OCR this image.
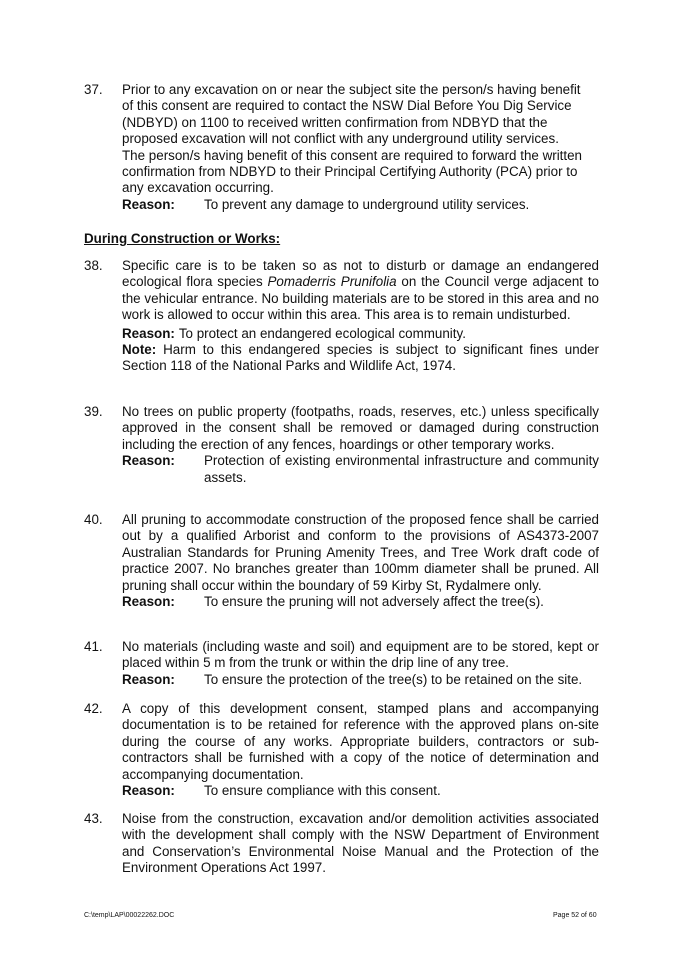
37.	Prior to any excavation on or near the subject site the person/s having benefit
of this consent are required to contact the NSW Dial Before You Dig Service
(NDBYD) on 1100 to received written confirmation from NDBYD that the
proposed excavation will not conflict with any underground utility services.
The person/s having benefit of this consent are required to forward the written
confirmation from NDBYD to their Principal Certifying Authority (PCA) prior to
any excavation occurring.
Reason:	To prevent any damage to underground utility services.
During Construction or Works:
38.	Specific care is to be taken so as not to disturb or damage an endangered ecological flora species Pomaderris Prunifolia on the Council verge adjacent to the vehicular entrance. No building materials are to be stored in this area and no work is allowed to occur within this area. This area is to remain undisturbed.
Reason: To protect an endangered ecological community.
Note: Harm to this endangered species is subject to significant fines under Section 118 of the National Parks and Wildlife Act, 1974.
39.	No trees on public property (footpaths, roads, reserves, etc.) unless specifically approved in the consent shall be removed or damaged during construction including the erection of any fences, hoardings or other temporary works.
Reason:	Protection of existing environmental infrastructure and community assets.
40.	All pruning to accommodate construction of the proposed fence shall be carried out by a qualified Arborist and conform to the provisions of AS4373-2007 Australian Standards for Pruning Amenity Trees, and Tree Work draft code of practice 2007. No branches greater than 100mm diameter shall be pruned. All pruning shall occur within the boundary of 59 Kirby St, Rydalmere only.
Reason:	To ensure the pruning will not adversely affect the tree(s).
41.	No materials (including waste and soil) and equipment are to be stored, kept or placed within 5 m from the trunk or within the drip line of any tree.
Reason:	To ensure the protection of the tree(s) to be retained on the site.
42.	A copy of this development consent, stamped plans and accompanying documentation is to be retained for reference with the approved plans on-site during the course of any works. Appropriate builders, contractors or sub-contractors shall be furnished with a copy of the notice of determination and accompanying documentation.
Reason:	To ensure compliance with this consent.
43.	Noise from the construction, excavation and/or demolition activities associated with the development shall comply with the NSW Department of Environment and Conservation’s Environmental Noise Manual and the Protection of the Environment Operations Act 1997.
C:\temp\LAP\00022262.DOC	Page 52 of 60
